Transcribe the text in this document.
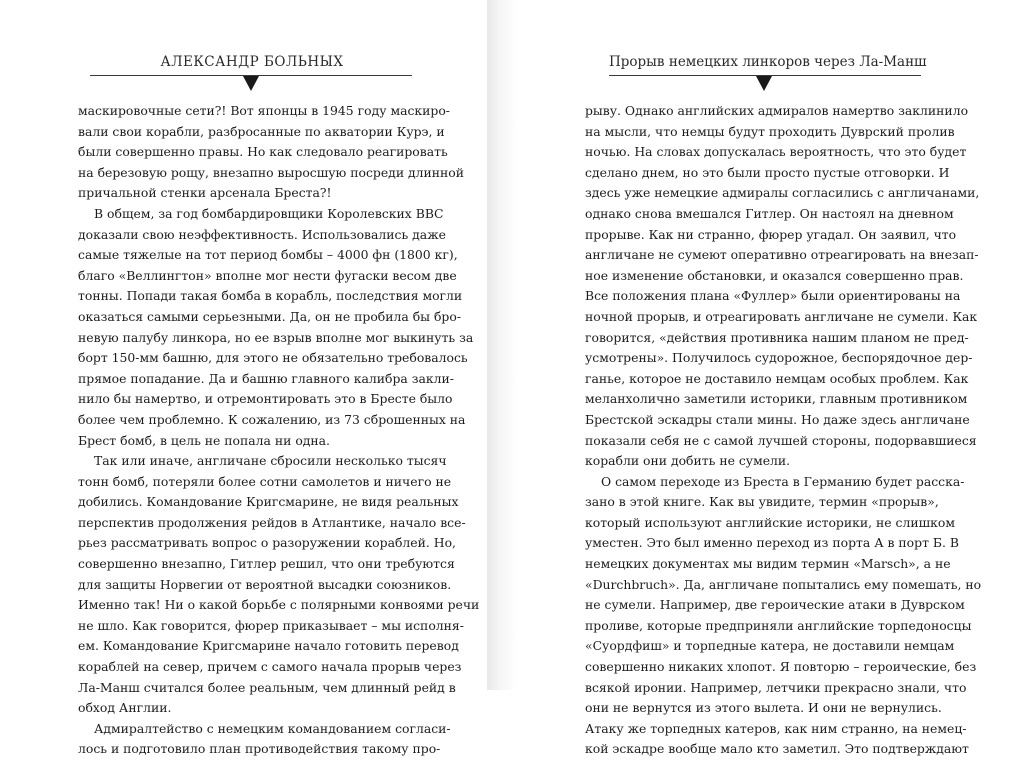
АЛЕКСАНДР БОЛЬНЫХ
маскировочные сети?! Вот японцы в 1945 году маскиро-
вали свои корабли, разбросанные по акватории Курэ, и
были совершенно правы. Но как следовало реагировать
на березовую рощу, внезапно выросшую посреди длинной
причальной стенки арсенала Бреста?!
В общем, за год бомбардировщики Королевских ВВС
доказали свою неэффективность. Использовались даже
самые тяжелые на тот период бомбы – 4000 фн (1800 кг),
благо «Веллингтон» вполне мог нести фугаски весом две
тонны. Попади такая бомба в корабль, последствия могли
оказаться самыми серьезными. Да, он не пробила бы бро-
невую палубу линкора, но ее взрыв вполне мог выкинуть за
борт 150-мм башню, для этого не обязательно требовалось
прямое попадание. Да и башню главного калибра закли-
нило бы намертво, и отремонтировать это в Бресте было
более чем проблемно. К сожалению, из 73 сброшенных на
Брест бомб, в цель не попала ни одна.
Так или иначе, англичане сбросили несколько тысяч
тонн бомб, потеряли более сотни самолетов и ничего не
добились. Командование Кригсмарине, не видя реальных
перспектив продолжения рейдов в Атлантике, начало все-
рьез рассматривать вопрос о разоружении кораблей. Но,
совершенно внезапно, Гитлер решил, что они требуются
для защиты Норвегии от вероятной высадки союзников.
Именно так! Ни о какой борьбе с полярными конвоями речи
не шло. Как говорится, фюрер приказывает – мы исполня-
ем. Командование Кригсмарине начало готовить перевод
кораблей на север, причем с самого начала прорыв через
Ла-Манш считался более реальным, чем длинный рейд в
обход Англии.
Адмиралтейство с немецким командованием согласи-
лось и подготовило план противодействия такому про-
Прорыв немецких линкоров через Ла-Манш
рыву. Однако английских адмиралов намертво заклинило
на мысли, что немцы будут проходить Дуврский пролив
ночью. На словах допускалась вероятность, что это будет
сделано днем, но это были просто пустые отговорки. И
здесь уже немецкие адмиралы согласились с англичанами,
однако снова вмешался Гитлер. Он настоял на дневном
прорыве. Как ни странно, фюрер угадал. Он заявил, что
англичане не сумеют оперативно отреагировать на внезап-
ное изменение обстановки, и оказался совершенно прав.
Все положения плана «Фуллер» были ориентированы на
ночной прорыв, и отреагировать англичане не сумели. Как
говорится, «действия противника нашим планом не пред-
усмотрены». Получилось судорожное, беспорядочное дер-
ганье, которое не доставило немцам особых проблем. Как
меланхолично заметили историки, главным противником
Брестской эскадры стали мины. Но даже здесь англичане
показали себя не с самой лучшей стороны, подорвавшиеся
корабли они добить не сумели.
О самом переходе из Бреста в Германию будет расска-
зано в этой книге. Как вы увидите, термин «прорыв»,
который используют английские историки, не слишком
уместен. Это был именно переход из порта А в порт Б. В
немецких документах мы видим термин «Marsch», а не
«Durchbruch». Да, англичане попытались ему помешать, но
не сумели. Например, две героические атаки в Дуврском
проливе, которые предприняли английские торпедоносцы
«Суордфиш» и торпедные катера, не доставили немцам
совершенно никаких хлопот. Я повторю – героические, без
всякой иронии. Например, летчики прекрасно знали, что
они не вернутся из этого вылета. И они не вернулись.
Атаку же торпедных катеров, как ним странно, на немец-
кой эскадре вообще мало кто заметил. Это подтверждают
